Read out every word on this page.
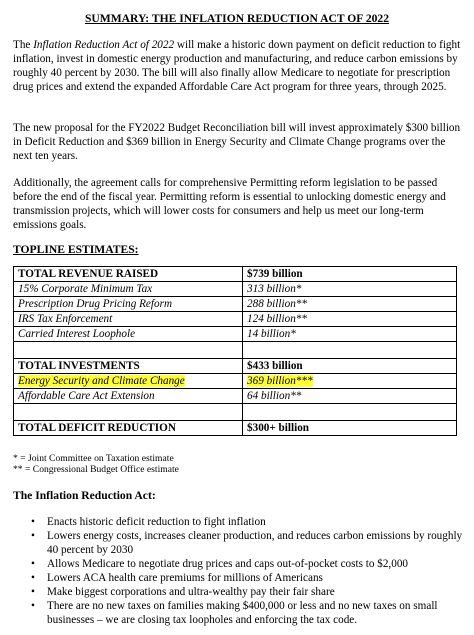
SUMMARY: THE INFLATION REDUCTION ACT OF 2022

The Inflation Reduction Act of 2022 will make a historic down payment on deficit reduction to fight inflation, invest in domestic energy production and manufacturing, and reduce carbon emissions by roughly 40 percent by 2030. The bill will also finally allow Medicare to negotiate for prescription drug prices and extend the expanded Affordable Care Act program for three years, through 2025.

The new proposal for the FY2022 Budget Reconciliation bill will invest approximately $300 billion in Deficit Reduction and $369 billion in Energy Security and Climate Change programs over the next ten years.

Additionally, the agreement calls for comprehensive Permitting reform legislation to be passed before the end of the fiscal year. Permitting reform is essential to unlocking domestic energy and transmission projects, which will lower costs for consumers and help us meet our long-term emissions goals.

TOPLINE ESTIMATES:
TOTAL REVENUE RAISED	$739 billion
15% Corporate Minimum Tax	313 billion*
Prescription Drug Pricing Reform	288 billion**
IRS Tax Enforcement	124 billion**
Carried Interest Loophole	14 billion*

TOTAL INVESTMENTS	$433 billion
Energy Security and Climate Change	369 billion***
Affordable Care Act Extension	64 billion**

TOTAL DEFICIT REDUCTION	$300+ billion
* = Joint Committee on Taxation estimate
** = Congressional Budget Office estimate
The Inflation Reduction Act:
• Enacts historic deficit reduction to fight inflation
• Lowers energy costs, increases cleaner production, and reduces carbon emissions by roughly 40 percent by 2030
• Allows Medicare to negotiate drug prices and caps out-of-pocket costs to $2,000
• Lowers ACA health care premiums for millions of Americans
• Make biggest corporations and ultra-wealthy pay their fair share
• There are no new taxes on families making $400,000 or less and no new taxes on small businesses – we are closing tax loopholes and enforcing the tax code.
